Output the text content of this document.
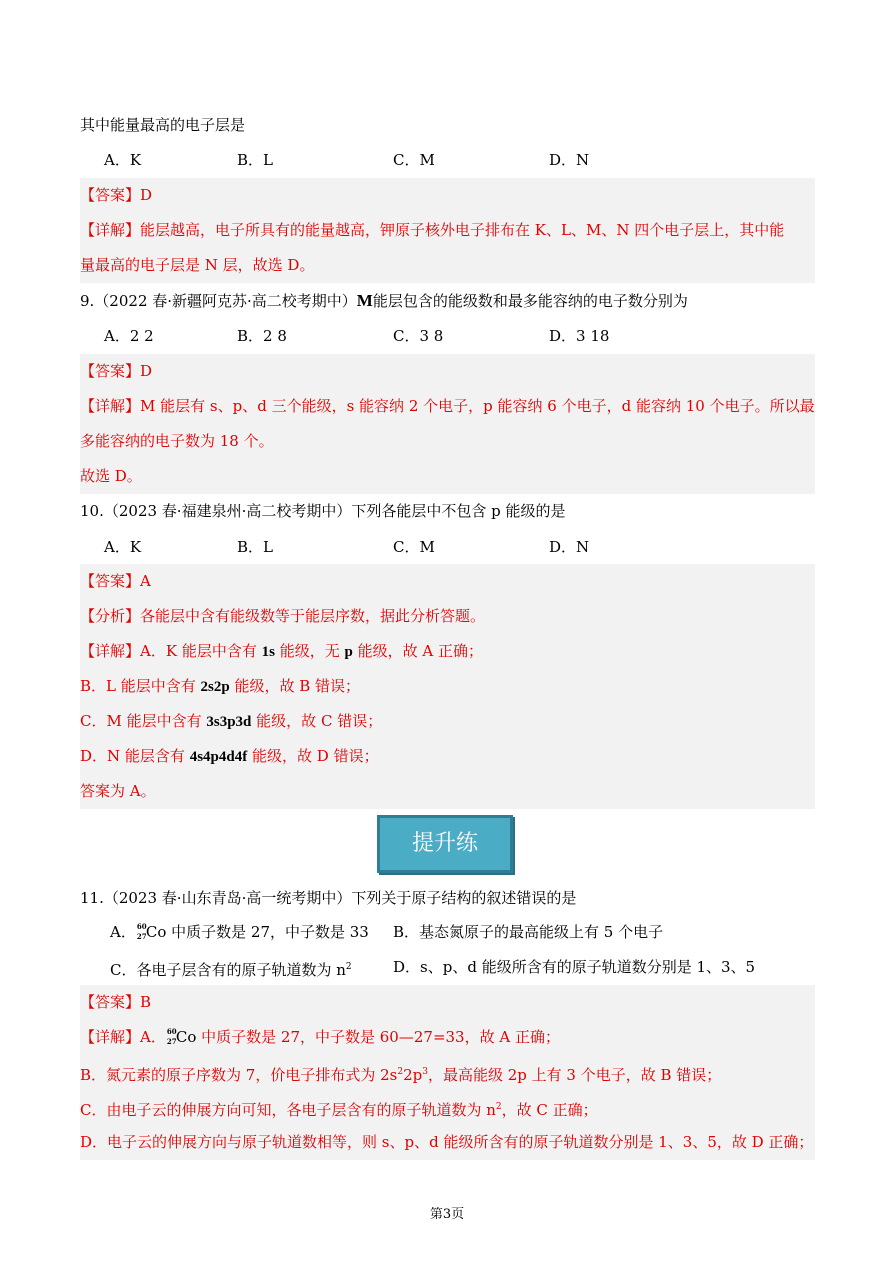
其中能量最高的电子层是
A．K	B．L	C．M	D．N
【答案】D
【详解】能层越高，电子所具有的能量越高，钾原子核外电子排布在 K、L、M、N 四个电子层上，其中能
量最高的电子层是 N 层，故选 D。
9.（2022 春·新疆阿克苏·高二校考期中）M能层包含的能级数和最多能容纳的电子数分别为
A．2 2	B．2 8	C．3 8	D．3 18
【答案】D
【详解】M 能层有 s、p、d 三个能级，s 能容纳 2 个电子，p 能容纳 6 个电子，d 能容纳 10 个电子。所以最
多能容纳的电子数为 18 个。
故选 D。
10.（2023 春·福建泉州·高二校考期中）下列各能层中不包含 p 能级的是
A．K	B．L	C．M	D．N
【答案】A
【分析】各能层中含有能级数等于能层序数，据此分析答题。
【详解】A．K 能层中含有 1s 能级，无 p 能级，故 A 正确；
B．L 能层中含有 2s2p 能级，故 B 错误；
C．M 能层中含有 3s3p3d 能级，故 C 错误；
D．N 能层含有 4s4p4d4f 能级，故 D 错误；
答案为 A。
提升练
11.（2023 春·山东青岛·高一统考期中）下列关于原子结构的叙述错误的是
A． 60
27 Co 中质子数是 27，中子数是 33 B．基态氮原子的最高能级上有 5 个电子
C．各电子层含有的原子轨道数为 $n^2$	D．s、p、d 能级所含有的原子轨道数分别是 1、3、5
【答案】B
【详解】A． 60
27 Co 中质子数是 27，中子数是 60—27=33，故 A 正确；
B．氮元素的原子序数为 7，价电子排布式为 $2s^22p^3$，最高能级 2p 上有 3 个电子，故 B 错误；
C．由电子云的伸展方向可知，各电子层含有的原子轨道数为 $n^2$，故 C 正确；
D．电子云的伸展方向与原子轨道数相等，则 s、p、d 能级所含有的原子轨道数分别是 1、3、5，故 D 正确；
第3页
